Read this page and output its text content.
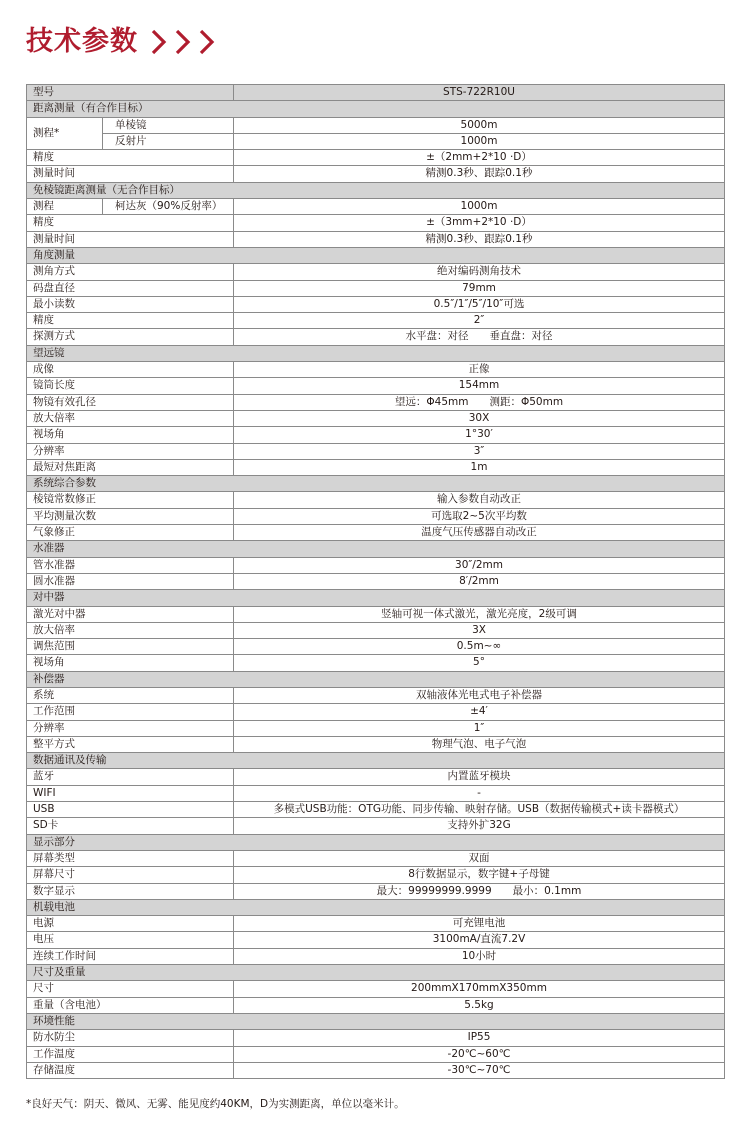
技术参数
型号		STS-722R10U
距离测量（有合作目标）		
测程*	单棱镜	5000m
	反射片	1000m
精度		±（2mm+2*10 ·D）
测量时间		精测0.3秒、跟踪0.1秒
免棱镜距离测量（无合作目标）		
测程	柯达灰（90%反射率）	1000m
精度		±（3mm+2*10 ·D）
测量时间		精测0.3秒、跟踪0.1秒
角度测量		
测角方式		绝对编码测角技术
码盘直径		79mm
最小读数		0.5″/1″/5″/10″可选
精度		2″
探测方式		水平盘：对径　　垂直盘：对径
望远镜		
成像		正像
镜筒长度		154mm
物镜有效孔径		望远：Φ45mm　　测距：Φ50mm
放大倍率		30X
视场角		1°30′
分辨率		3″
最短对焦距离		1m
系统综合参数		
棱镜常数修正		输入参数自动改正
平均测量次数		可选取2~5次平均数
气象修正		温度气压传感器自动改正
水准器		
管水准器		30″/2mm
圆水准器		8′/2mm
对中器		
激光对中器		竖轴可视一体式激光，激光亮度，2级可调
放大倍率		3X
调焦范围		0.5m~∞
视场角		5°
补偿器		
系统		双轴液体光电式电子补偿器
工作范围		±4′
分辨率		1″
整平方式		物理气泡、电子气泡
数据通讯及传输		
蓝牙		内置蓝牙模块
WIFI		-
USB		多模式USB功能：OTG功能、同步传输、映射存储。USB（数据传输模式+读卡器模式）
SD卡		支持外扩32G
显示部分		
屏幕类型		双面
屏幕尺寸		8行数据显示，数字键+子母键
数字显示		最大：99999999.9999　　最小：0.1mm
机载电池		
电源		可充锂电池
电压		3100mA/直流7.2V
连续工作时间		10小时
尺寸及重量		
尺寸		200mmX170mmX350mm
重量（含电池）		5.5kg
环境性能		
防水防尘		IP55
工作温度		-20℃~60℃
存储温度		-30℃~70℃
*良好天气：阴天、微风、无雾、能见度约40KM，D为实测距离，单位以毫米计。
